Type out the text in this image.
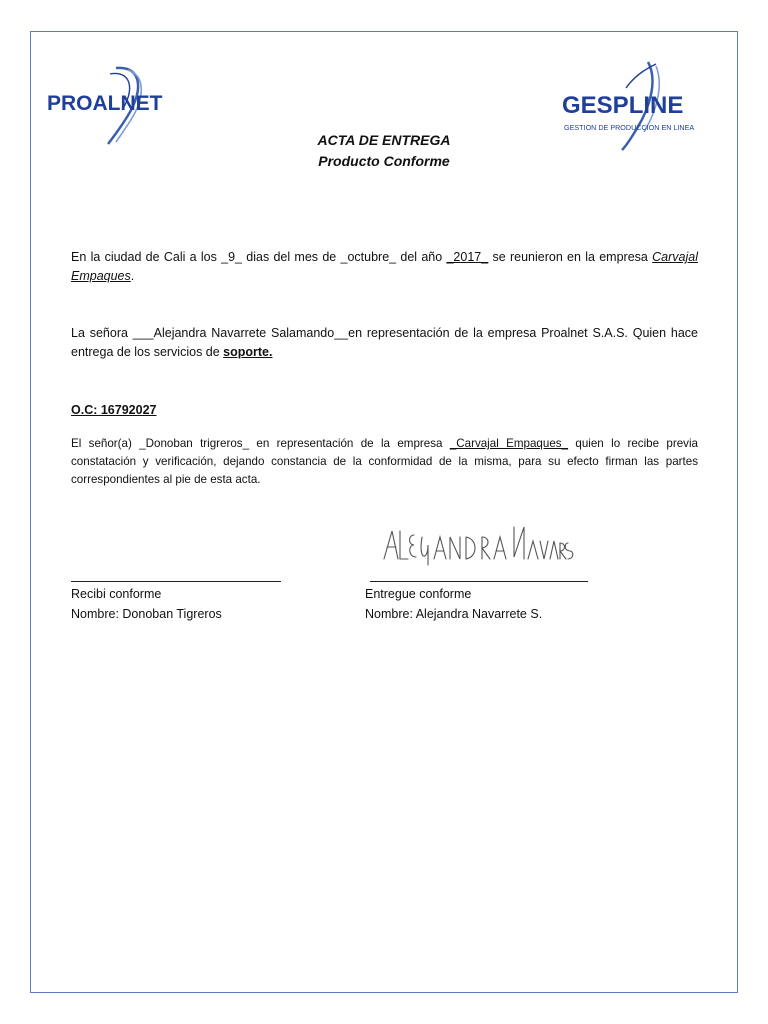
PROALNET	GESPLINE
GESTION DE PRODUCCION EN LINEA
ACTA DE ENTREGA
Producto Conforme
En la ciudad de Cali a los _9_ dias del mes de _octubre_ del año _2017_ se reunieron en la empresa Carvajal Empaques.
La señora ___Alejandra Navarrete Salamando__en representación de la empresa Proalnet S.A.S. Quien hace entrega de los servicios de soporte.
O.C: 16792027
El señor(a) _Donoban trigreros_ en representación de la empresa _Carvajal Empaques_ quien lo recibe previa constatación y verificación, dejando constancia de la conformidad de la misma, para su efecto firman las partes correspondientes al pie de esta acta.
Recibi conforme
Nombre: Donoban Tigreros
Entregue conforme
Nombre: Alejandra Navarrete S.
